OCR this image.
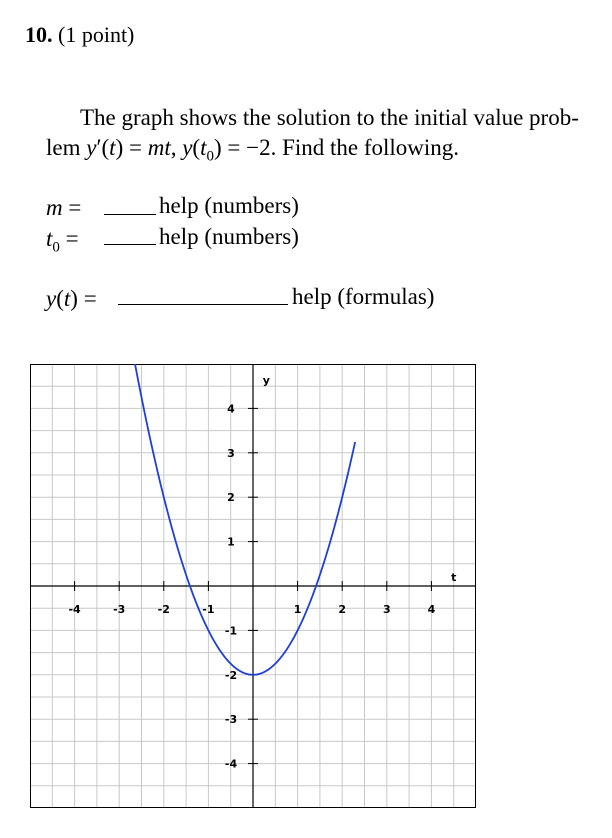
10. (1 point)
The graph shows the solution to the initial value prob-
lem y′(t) = mt, $y(t_0) = -2$. Find the following.
m =	help (numbers)
$t_0$ =	help (numbers)
y(t) =	help (formulas)
-4	-3	-2	-1	1	2	3	4
4
3
2
1
-1
-2
-3
-4
t
y
